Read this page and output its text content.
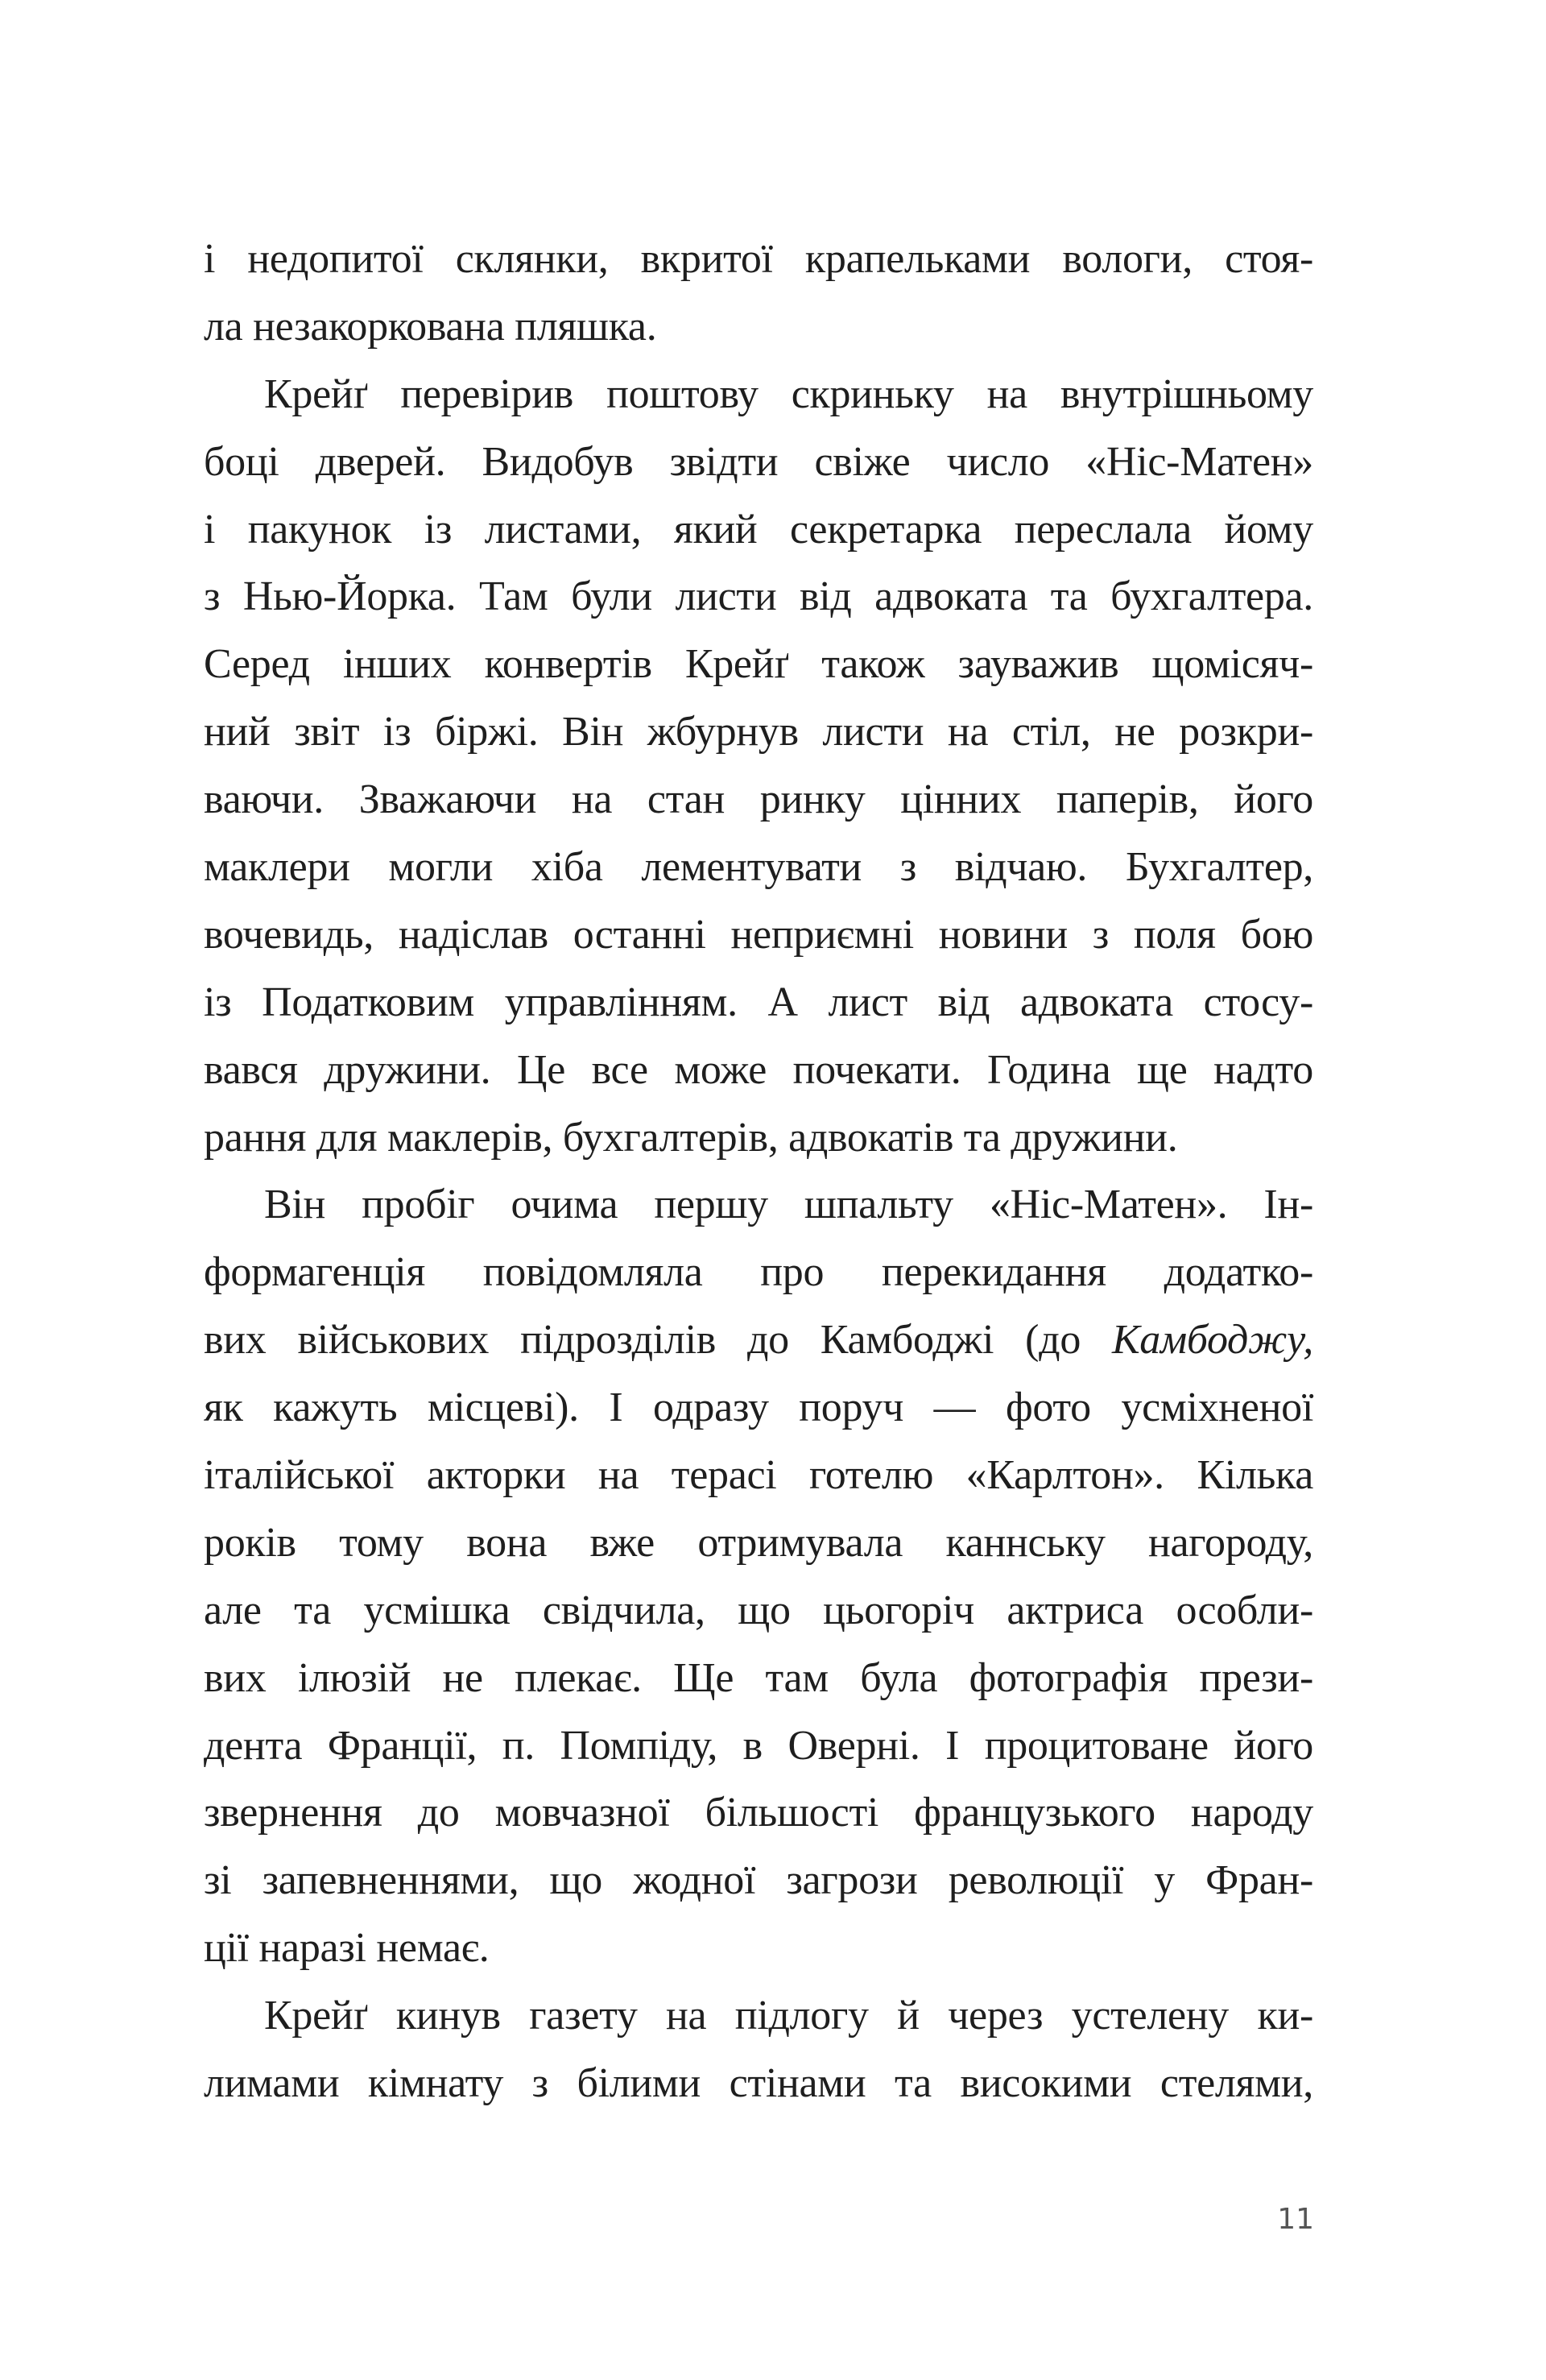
і недопитої склянки, вкритої крапельками вологи, стоя-
ла незакоркована пляшка.
Крейґ перевірив поштову скриньку на внутрішньому
боці дверей. Видобув звідти свіже число «Ніс-Матен»
і пакунок із листами, який секретарка переслала йому
з Нью-Йорка. Там були листи від адвоката та бухгалтера.
Серед інших конвертів Крейґ також зауважив щомісяч-
ний звіт із біржі. Він жбурнув листи на стіл, не розкри-
ваючи. Зважаючи на стан ринку цінних паперів, його
маклери могли хіба лементувати з відчаю. Бухгалтер,
вочевидь, надіслав останні неприємні новини з поля бою
із Податковим управлінням. А лист від адвоката стосу-
вався дружини. Це все може почекати. Година ще надто
рання для маклерів, бухгалтерів, адвокатів та дружини.
Він пробіг очима першу шпальту «Ніс-Матен». Ін-
формагенція повідомляла про перекидання додатко-
вих військових підрозділів до Камбоджі (до Камбоджу,
як кажуть місцеві). І одразу поруч — фото усміхненої
італійської акторки на терасі готелю «Карлтон». Кілька
років тому вона вже отримувала каннську нагороду,
але та усмішка свідчила, що цьогоріч актриса особли-
вих ілюзій не плекає. Ще там була фотографія прези-
дента Франції, п. Помпіду, в Оверні. І процитоване його
звернення до мовчазної більшості французького народу
зі запевненнями, що жодної загрози революції у Фран-
ції наразі немає.
Крейґ кинув газету на підлогу й через устелену ки-
лимами кімнату з білими стінами та високими стелями,
11
